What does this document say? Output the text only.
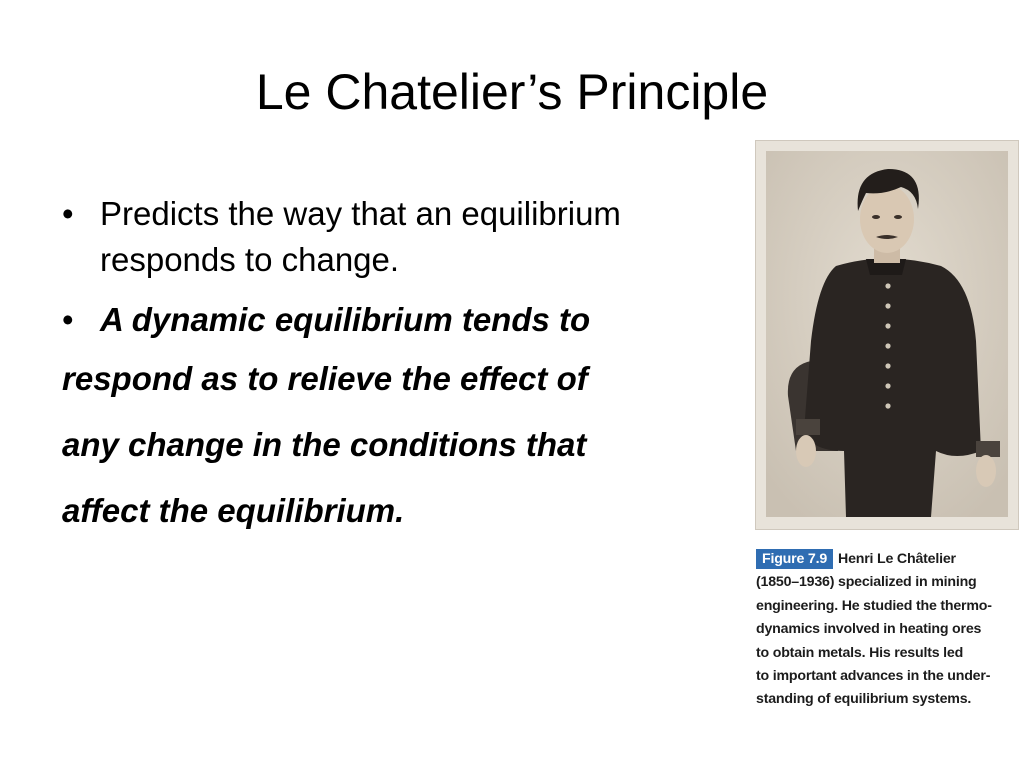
Le Chatelier’s Principle
• Predicts the way that an equilibrium
responds to change.
• A dynamic equilibrium tends to
respond as to relieve the effect of
any change in the conditions that
affect the equilibrium.
Figure 7.9 Henri Le Châtelier
(1850–1936) specialized in mining
engineering. He studied the thermo-
dynamics involved in heating ores
to obtain metals. His results led
to important advances in the under-
standing of equilibrium systems.
